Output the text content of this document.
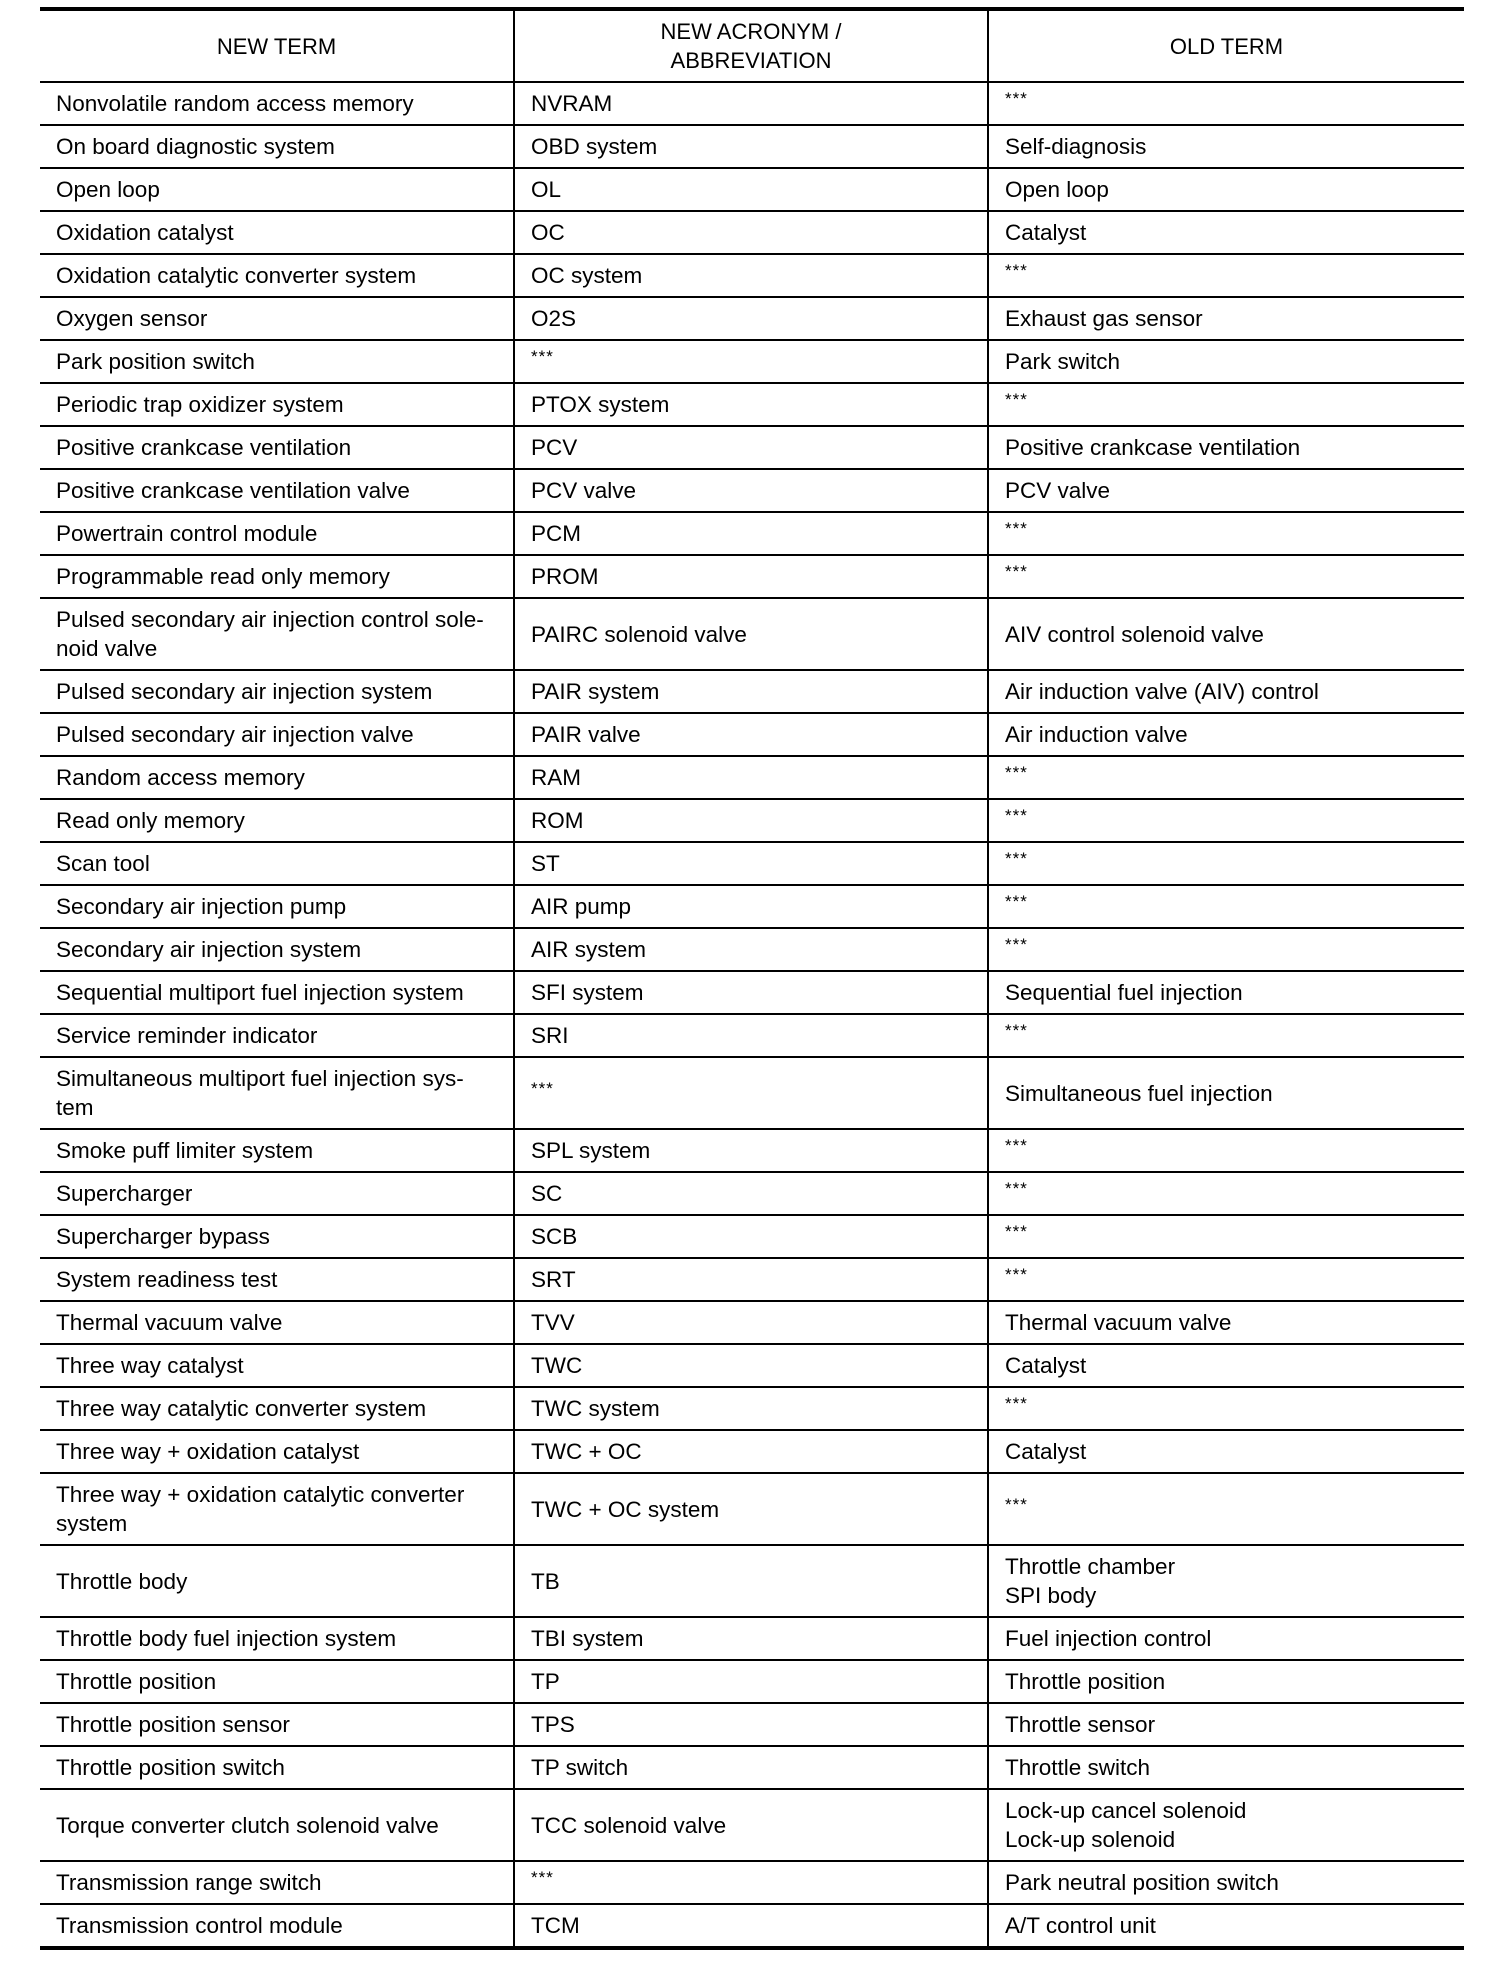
NEW TERM	NEW ACRONYM /
ABBREVIATION	OLD TERM

Nonvolatile random access memory	NVRAM	***

On board diagnostic system	OBD system	Self-diagnosis

Open loop	OL	Open loop

Oxidation catalyst	OC	Catalyst

Oxidation catalytic converter system	OC system	***

Oxygen sensor	O2S	Exhaust gas sensor

Park position switch	***	Park switch

Periodic trap oxidizer system	PTOX system	***

Positive crankcase ventilation	PCV	Positive crankcase ventilation

Positive crankcase ventilation valve	PCV valve	PCV valve

Powertrain control module	PCM	***

Programmable read only memory	PROM	***

Pulsed secondary air injection control sole-
noid valve	PAIRC solenoid valve	AIV control solenoid valve

Pulsed secondary air injection system	PAIR system	Air induction valve (AIV) control

Pulsed secondary air injection valve	PAIR valve	Air induction valve

Random access memory	RAM	***

Read only memory	ROM	***

Scan tool	ST	***

Secondary air injection pump	AIR pump	***

Secondary air injection system	AIR system	***

Sequential multiport fuel injection system	SFI system	Sequential fuel injection

Service reminder indicator	SRI	***

Simultaneous multiport fuel injection sys-
tem	***	Simultaneous fuel injection

Smoke puff limiter system	SPL system	***

Supercharger	SC	***

Supercharger bypass	SCB	***

System readiness test	SRT	***

Thermal vacuum valve	TVV	Thermal vacuum valve

Three way catalyst	TWC	Catalyst

Three way catalytic converter system	TWC system	***

Three way + oxidation catalyst	TWC + OC	Catalyst

Three way + oxidation catalytic converter
system	TWC + OC system	***

Throttle body	TB	Throttle chamber
SPI body

Throttle body fuel injection system	TBI system	Fuel injection control

Throttle position	TP	Throttle position

Throttle position sensor	TPS	Throttle sensor

Throttle position switch	TP switch	Throttle switch

Torque converter clutch solenoid valve	TCC solenoid valve	Lock-up cancel solenoid
Lock-up solenoid

Transmission range switch	***	Park neutral position switch

Transmission control module	TCM	A/T control unit
